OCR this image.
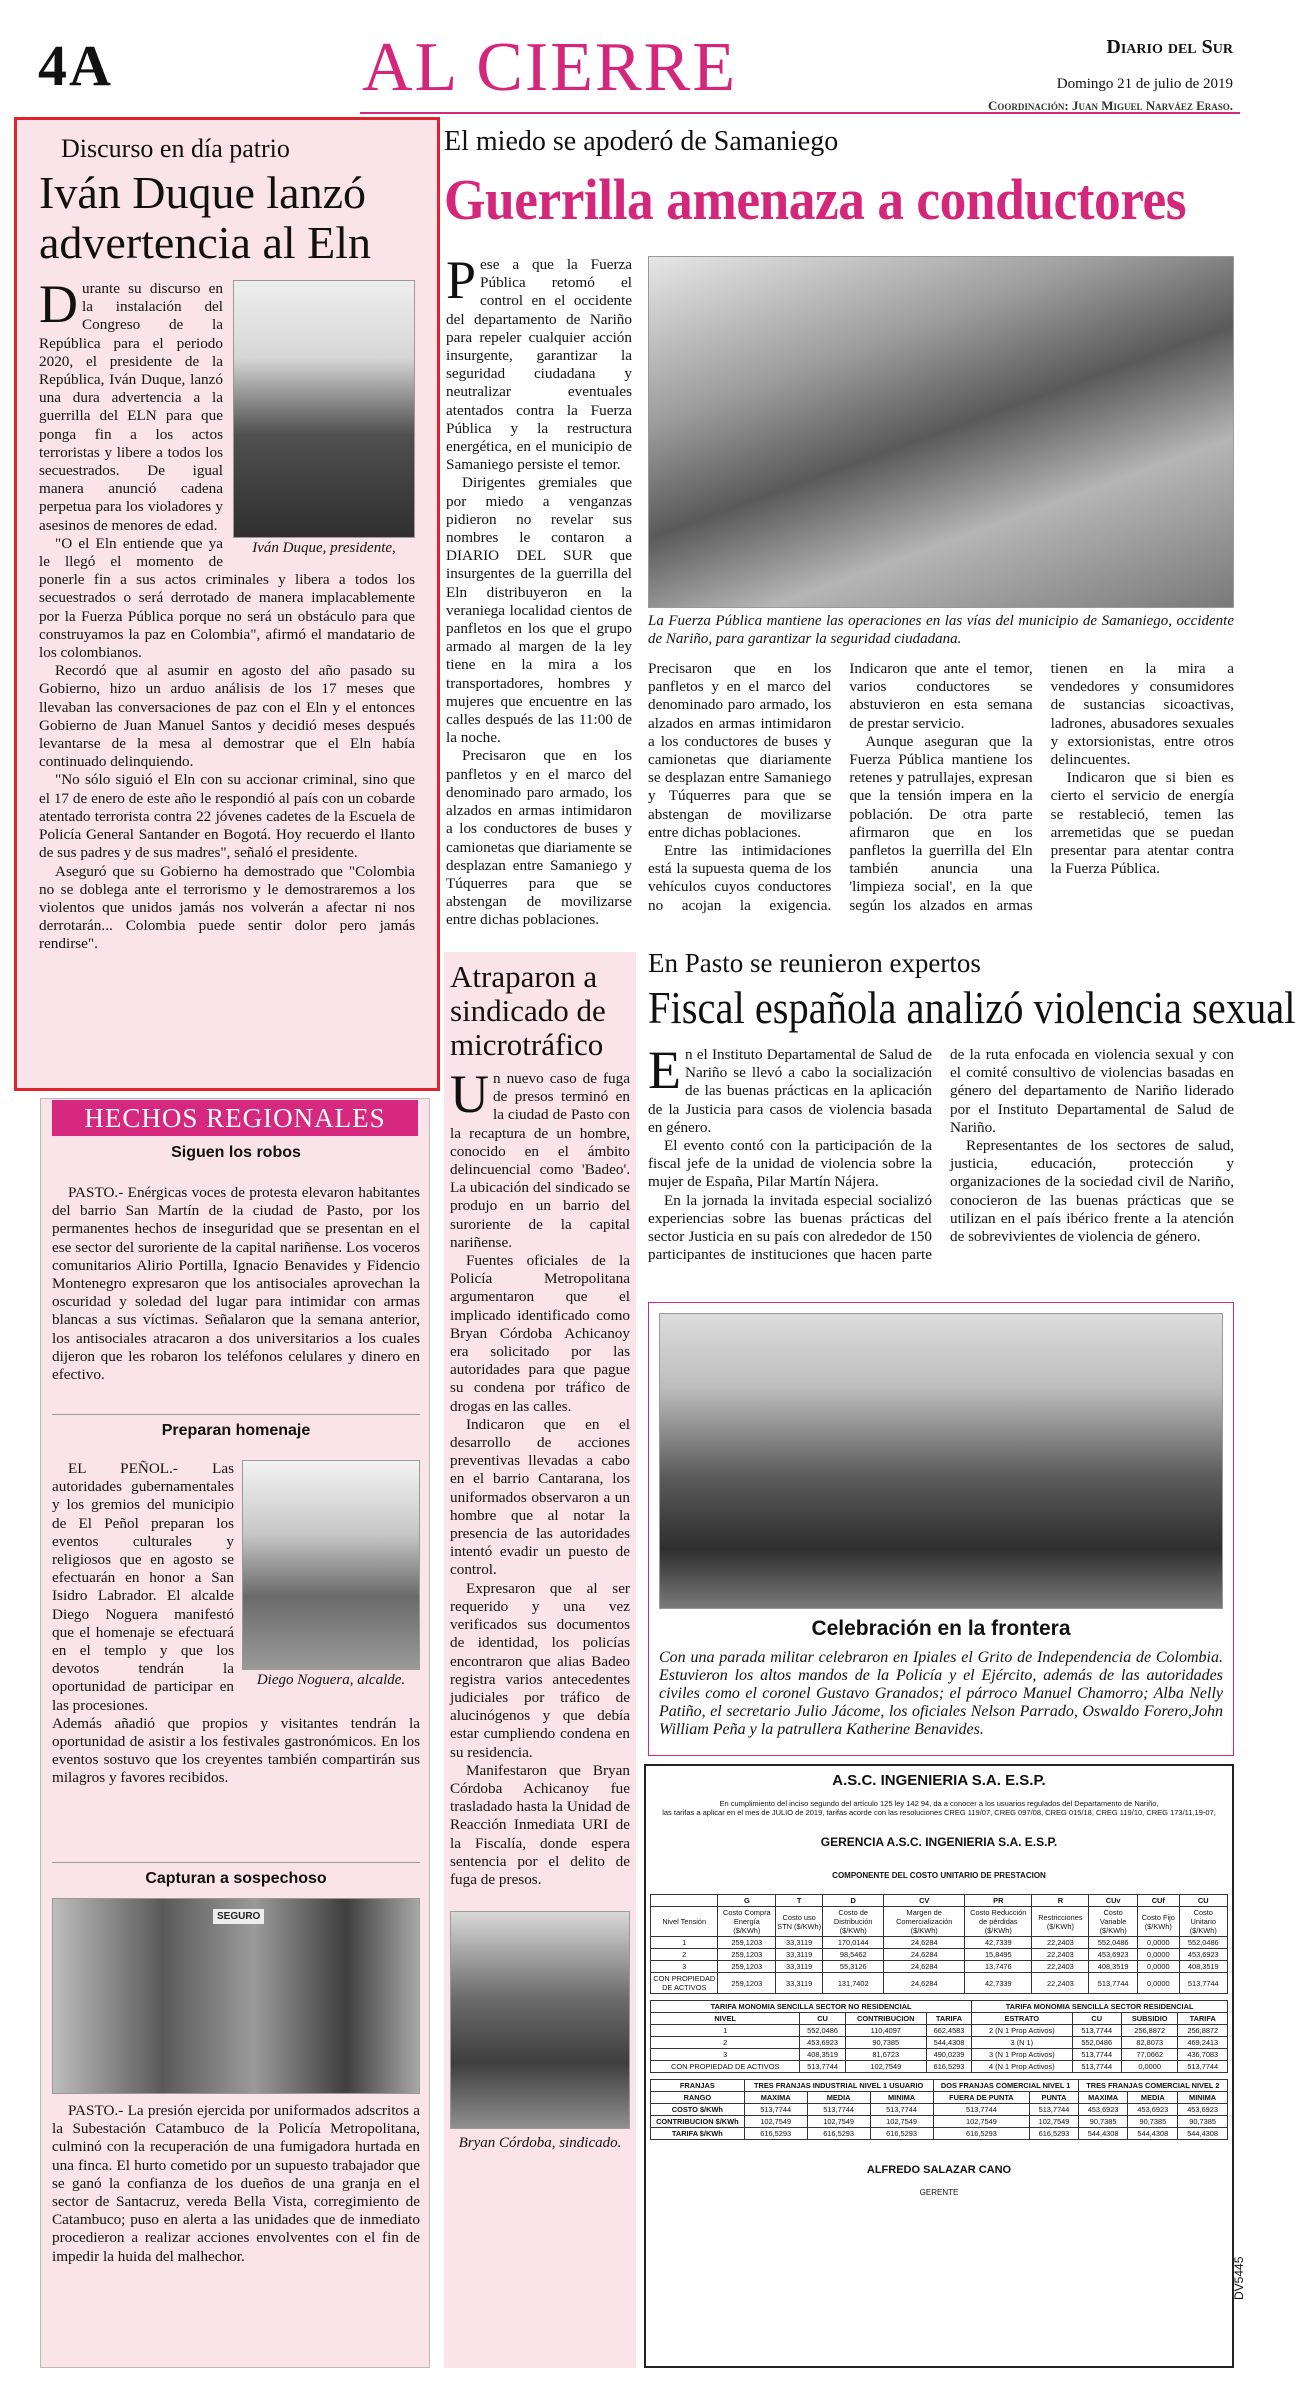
4A	AL CIERRE	Diario del Sur
Domingo 21 de julio de 2019
Coordinación: Juan Miguel Narváez Eraso.
Discurso en día patrio
Iván Duque lanzó advertencia al Eln
Iván Duque, presidente,

Durante su discurso en la instalación del Congreso de la República para el periodo 2020, el presidente de la República, Iván Duque, lanzó una dura advertencia a la guerrilla del ELN para que ponga fin a los actos terroristas y libere a todos los secuestrados. De igual manera anunció cadena perpetua para los violadores y asesinos de menores de edad.

"O el Eln entiende que ya le llegó el momento de ponerle fin a sus actos criminales y libera a todos los secuestrados o será derrotado de manera implacablemente por la Fuerza Pública porque no será un obstáculo para que construyamos la paz en Colombia", afirmó el mandatario de los colombianos.

Recordó que al asumir en agosto del año pasado su Gobierno, hizo un arduo análisis de los 17 meses que llevaban las conversaciones de paz con el Eln y el entonces Gobierno de Juan Manuel Santos y decidió meses después levantarse de la mesa al demostrar que el Eln había continuado delinquiendo.

"No sólo siguió el Eln con su accionar criminal, sino que el 17 de enero de este año le respondió al país con un cobarde atentado terrorista contra 22 jóvenes cadetes de la Escuela de Policía General Santander en Bogotá. Hoy recuerdo el llanto de sus padres y de sus madres", señaló el presidente.

Aseguró que su Gobierno ha demostrado que "Colombia no se doblega ante el terrorismo y le demostraremos a los violentos que unidos jamás nos volverán a afectar ni nos derrotarán... Colombia puede sentir dolor pero jamás rendirse".

HECHOS REGIONALES
Siguen los robos

PASTO.- Enérgicas voces de protesta elevaron habitantes del barrio San Martín de la ciudad de Pasto, por los permanentes hechos de inseguridad que se presentan en el ese sector del suroriente de la capital nariñense. Los voceros comunitarios Alirio Portilla, Ignacio Benavides y Fidencio Montenegro expresaron que los antisociales aprovechan la oscuridad y soledad del lugar para intimidar con armas blancas a sus víctimas. Señalaron que la semana anterior, los antisociales atracaron a dos universitarios a los cuales dijeron que les robaron los teléfonos celulares y dinero en efectivo.

Preparan homenaje
Diego Noguera, alcalde.

EL PEÑOL.- Las autoridades gubernamentales y los gremios del municipio de El Peñol preparan los eventos culturales y religiosos que en agosto se efectuarán en honor a San Isidro Labrador. El alcalde Diego Noguera manifestó que el homenaje se efectuará en el templo y que los devotos tendrán la oportunidad de participar en las procesiones.

Además añadió que propios y visitantes tendrán la oportunidad de asistir a los festivales gastronómicos. En los eventos sostuvo que los creyentes también compartirán sus milagros y favores recibidos.

Capturan a sospechoso
SEGURO

PASTO.- La presión ejercida por uniformados adscritos a la Subestación Catambuco de la Policía Metropolitana, culminó con la recuperación de una fumigadora hurtada en una finca. El hurto cometido por un supuesto trabajador que se ganó la confianza de los dueños de una granja en el sector de Santacruz, vereda Bella Vista, corregimiento de Catambuco; puso en alerta a las unidades que de inmediato procedieron a realizar acciones envolventes con el fin de impedir la huida del malhechor.

El miedo se apoderó de Samaniego
Guerrilla amenaza a conductores

Pese a que la Fuerza Pública retomó el control en el occidente del departamento de Nariño para repeler cualquier acción insurgente, garantizar la seguridad ciudadana y neutralizar eventuales atentados contra la Fuerza Pública y la restructura energética, en el municipio de Samaniego persiste el temor.

Dirigentes gremiales que por miedo a venganzas pidieron no revelar sus nombres le contaron a DIARIO DEL SUR que insurgentes de la guerrilla del Eln distribuyeron en la veraniega localidad cientos de panfletos en los que el grupo armado al margen de la ley tiene en la mira a los transportadores, hombres y mujeres que encuentre en las calles después de las 11:00 de la noche.

Precisaron que en los panfletos y en el marco del denominado paro armado, los alzados en armas intimidaron a los conductores de buses y camionetas que diariamente se desplazan entre Samaniego y Túquerres para que se abstengan de movilizarse entre dichas poblaciones.

La Fuerza Pública mantiene las operaciones en las vías del municipio de Samaniego, occidente de Nariño, para garantizar la seguridad ciudadana.

Precisaron que en los panfletos y en el marco del denominado paro armado, los alzados en armas intimidaron a los conductores de buses y camionetas que diariamente se desplazan entre Samaniego y Túquerres para que se abstengan de movilizarse entre dichas poblaciones.

Entre las intimidaciones está la supuesta quema de los vehículos cuyos conductores no acojan la exigencia. Indicaron que ante el temor, varios conductores se abstuvieron en esta semana de prestar servicio.

Aunque aseguran que la Fuerza Pública mantiene los retenes y patrullajes, expresan que la tensión impera en la población. De otra parte afirmaron que en los panfletos la guerrilla del Eln también anuncia una 'limpieza social', en la que según los alzados en armas tienen en la mira a vendedores y consumidores de sustancias sicoactivas, ladrones, abusadores sexuales y extorsionistas, entre otros delincuentes.

Indicaron que si bien es cierto el servicio de energía se restableció, temen las arremetidas que se puedan presentar para atentar contra la Fuerza Pública.

Atraparon a sindicado de microtráfico

Un nuevo caso de fuga de presos terminó en la ciudad de Pasto con la recaptura de un hombre, conocido en el ámbito delincuencial como 'Badeo'. La ubicación del sindicado se produjo en un barrio del suroriente de la capital nariñense.

Fuentes oficiales de la Policía Metropolitana argumentaron que el implicado identificado como Bryan Córdoba Achicanoy era solicitado por las autoridades para que pague su condena por tráfico de drogas en las calles.

Indicaron que en el desarrollo de acciones preventivas llevadas a cabo en el barrio Cantarana, los uniformados observaron a un hombre que al notar la presencia de las autoridades intentó evadir un puesto de control.

Expresaron que al ser requerido y una vez verificados sus documentos de identidad, los policías encontraron que alias Badeo registra varios antecedentes judiciales por tráfico de alucinógenos y que debía estar cumpliendo condena en su residencia.

Manifestaron que Bryan Córdoba Achicanoy fue trasladado hasta la Unidad de Reacción Inmediata URI de la Fiscalía, donde espera sentencia por el delito de fuga de presos.

Bryan Córdoba, sindicado.
En Pasto se reunieron expertos
Fiscal española analizó violencia sexual

En el Instituto Departamental de Salud de Nariño se llevó a cabo la socialización de las buenas prácticas en la aplicación de la Justicia para casos de violencia basada en género.

El evento contó con la participación de la fiscal jefe de la unidad de violencia sobre la mujer de España, Pilar Martín Nájera.

En la jornada la invitada especial socializó experiencias sobre las buenas prácticas del sector Justicia en su país con alrededor de 150 participantes de instituciones que hacen parte de la ruta enfocada en violencia sexual y con el comité consultivo de violencias basadas en género del departamento de Nariño liderado por el Instituto Departamental de Salud de Nariño.

Representantes de los sectores de salud, justicia, educación, protección y organizaciones de la sociedad civil de Nariño, conocieron de las buenas prácticas que se utilizan en el país ibérico frente a la atención de sobrevivientes de violencia de género.

Celebración en la frontera
Con una parada militar celebraron en Ipiales el Grito de Independencia de Colombia. Estuvieron los altos mandos de la Policía y el Ejército, además de las autoridades civiles como el coronel Gustavo Granados; el párroco Manuel Chamorro; Alba Nelly Patiño, el secretario Julio Jácome, los oficiales Nelson Parrado, Oswaldo Forero,John William Peña y la patrullera Katherine Benavides.
A.S.C. INGENIERIA S.A. E.S.P.
En cumplimiento del inciso segundo del artículo 125 ley 142 94, da a conocer a los usuarios regulados del Departamento de Nariño,
las tarifas a aplicar en el mes de JULIO de 2019, tarifas acorde con las resoluciones CREG 119/07, CREG 097/08, CREG 015/18, CREG 119/10, CREG 173/11,19-07,
GERENCIA A.S.C. INGENIERIA S.A. E.S.P.
COMPONENTE DEL COSTO UNITARIO DE PRESTACION
	G	T	D	CV	PR	R	CUv	CUf	CU
Nivel Tensión	Costo Compra Energía ($/KWh)	Costo uso STN ($/KWh)	Costo de Distribución ($/KWh)	Margen de Comercialización ($/KWh)	Costo Reducción de pérdidas ($/KWh)	Restricciones ($/KWh)	Costo Variable ($/KWh)	Costo Fijo ($/KWh)	Costo Unitario ($/KWh)
1	259,1203	33,3119	170,0144	24,6284	42,7339	22,2403	552,0486	0,0000	552,0486
2	259,1203	33,3119	98,5462	24,6284	15,8495	22,2403	453,6923	0,0000	453,6923
3	259,1203	33,3119	55,3126	24,6284	13,7476	22,2403	408,3519	0,0000	408,3519
CON PROPIEDAD DE ACTIVOS	259,1203	33,3119	131,7402	24,6284	42,7339	22,2403	513,7744	0,0000	513,7744
TARIFA MONOMIA SENCILLA SECTOR NO RESIDENCIAL				TARIFA MONOMIA SENCILLA SECTOR RESIDENCIAL			
NIVEL	CU	CONTRIBUCION	TARIFA	ESTRATO	CU	SUBSIDIO	TARIFA
1	552,0486	110,4097	662,4583	2 (N 1 Prop Activos)	513,7744	256,8872	256,8872
2	453,6923	90,7385	544,4308	3 (N 1)	552,0486	82,8073	469,2413
3	408,3519	81,6723	490,0239	3 (N 1 Prop Activos)	513,7744	77,0662	436,7083
CON PROPIEDAD DE ACTIVOS	513,7744	102,7549	616,5293	4 (N 1 Prop Activos)	513,7744	0,0000	513,7744
FRANJAS	TRES FRANJAS INDUSTRIAL NIVEL 1 USUARIO			DOS FRANJAS COMERCIAL NIVEL 1		TRES FRANJAS COMERCIAL NIVEL 2		
RANGO	MAXIMA	MEDIA	MINIMA	FUERA DE PUNTA	PUNTA	MAXIMA	MEDIA	MINIMA
COSTO $/KWh	513,7744	513,7744	513,7744	513,7744	513,7744	453,6923	453,6923	453,6923
CONTRIBUCION $/KWh	102,7549	102,7549	102,7549	102,7549	102,7549	90,7385	90,7385	90,7385
TARIFA $/KWh	616,5293	616,5293	616,5293	616,5293	616,5293	544,4308	544,4308	544,4308
ALFREDO SALAZAR CANO
GERENTE
DV5445
